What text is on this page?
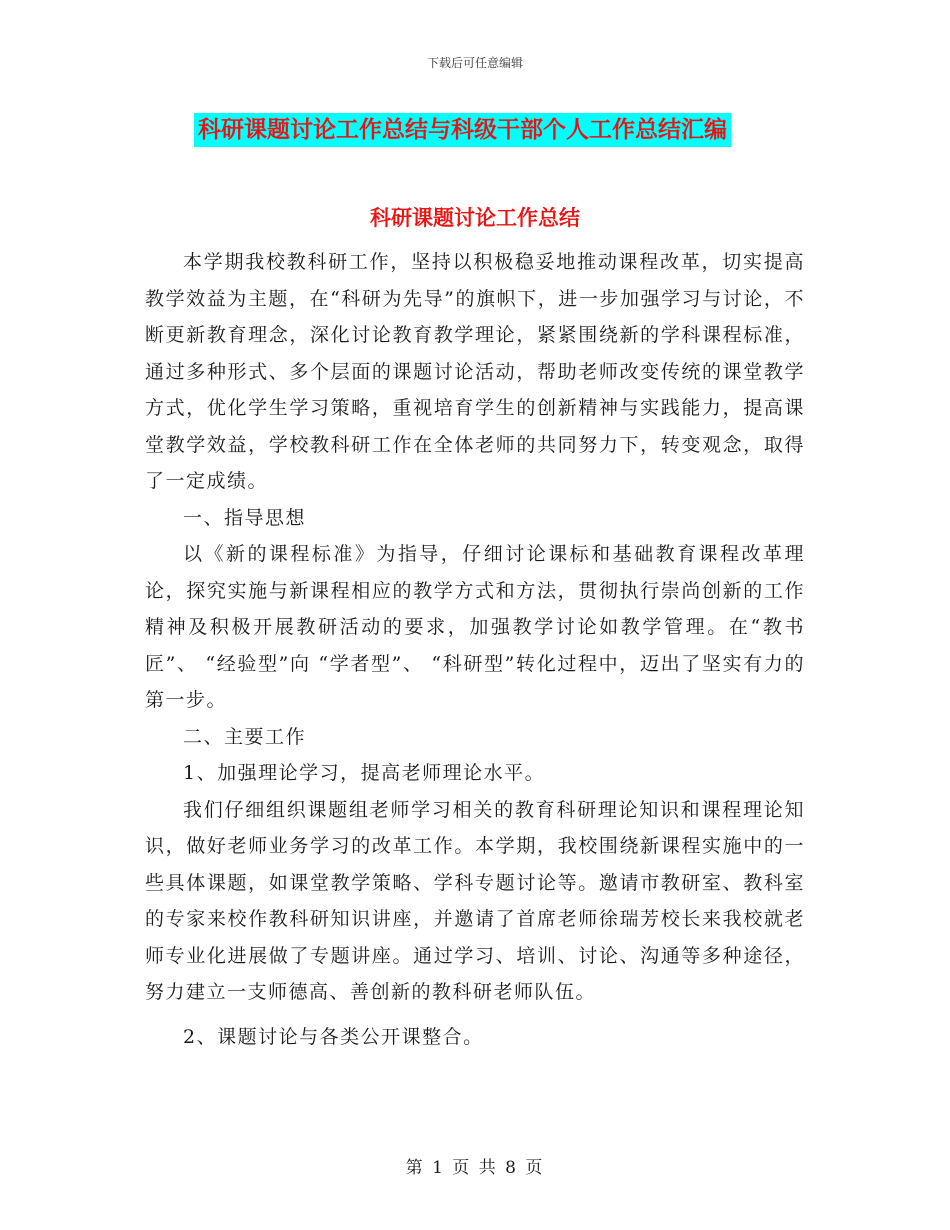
下载后可任意编辑
科研课题讨论工作总结与科级干部个人工作总结汇编
科研课题讨论工作总结

本学期我校教科研工作，坚持以积极稳妥地推动课程改革，切实提高教学效益为主题，在“科研为先导”的旗帜下，进一步加强学习与讨论，不断更新教育理念，深化讨论教育教学理论，紧紧围绕新的学科课程标准，通过多种形式、多个层面的课题讨论活动，帮助老师改变传统的课堂教学方式，优化学生学习策略，重视培育学生的创新精神与实践能力，提高课堂教学效益，学校教科研工作在全体老师的共同努力下，转变观念，取得了一定成绩。

一、指导思想

以《新的课程标准》为指导，仔细讨论课标和基础教育课程改革理论，探究实施与新课程相应的教学方式和方法，贯彻执行崇尚创新的工作精神及积极开展教研活动的要求，加强教学讨论如教学管理。在“教书匠”、 “经验型”向 “学者型”、 “科研型”转化过程中，迈出了坚实有力的第一步。

二、主要工作

1、加强理论学习，提高老师理论水平。

我们仔细组织课题组老师学习相关的教育科研理论知识和课程理论知识，做好老师业务学习的改革工作。本学期，我校围绕新课程实施中的一些具体课题，如课堂教学策略、学科专题讨论等。邀请市教研室、教科室的专家来校作教科研知识讲座，并邀请了首席老师徐瑞芳校长来我校就老师专业化进展做了专题讲座。通过学习、培训、讨论、沟通等多种途径，努力建立一支师德高、善创新的教科研老师队伍。

2、课题讨论与各类公开课整合。

第 1 页 共 8 页
